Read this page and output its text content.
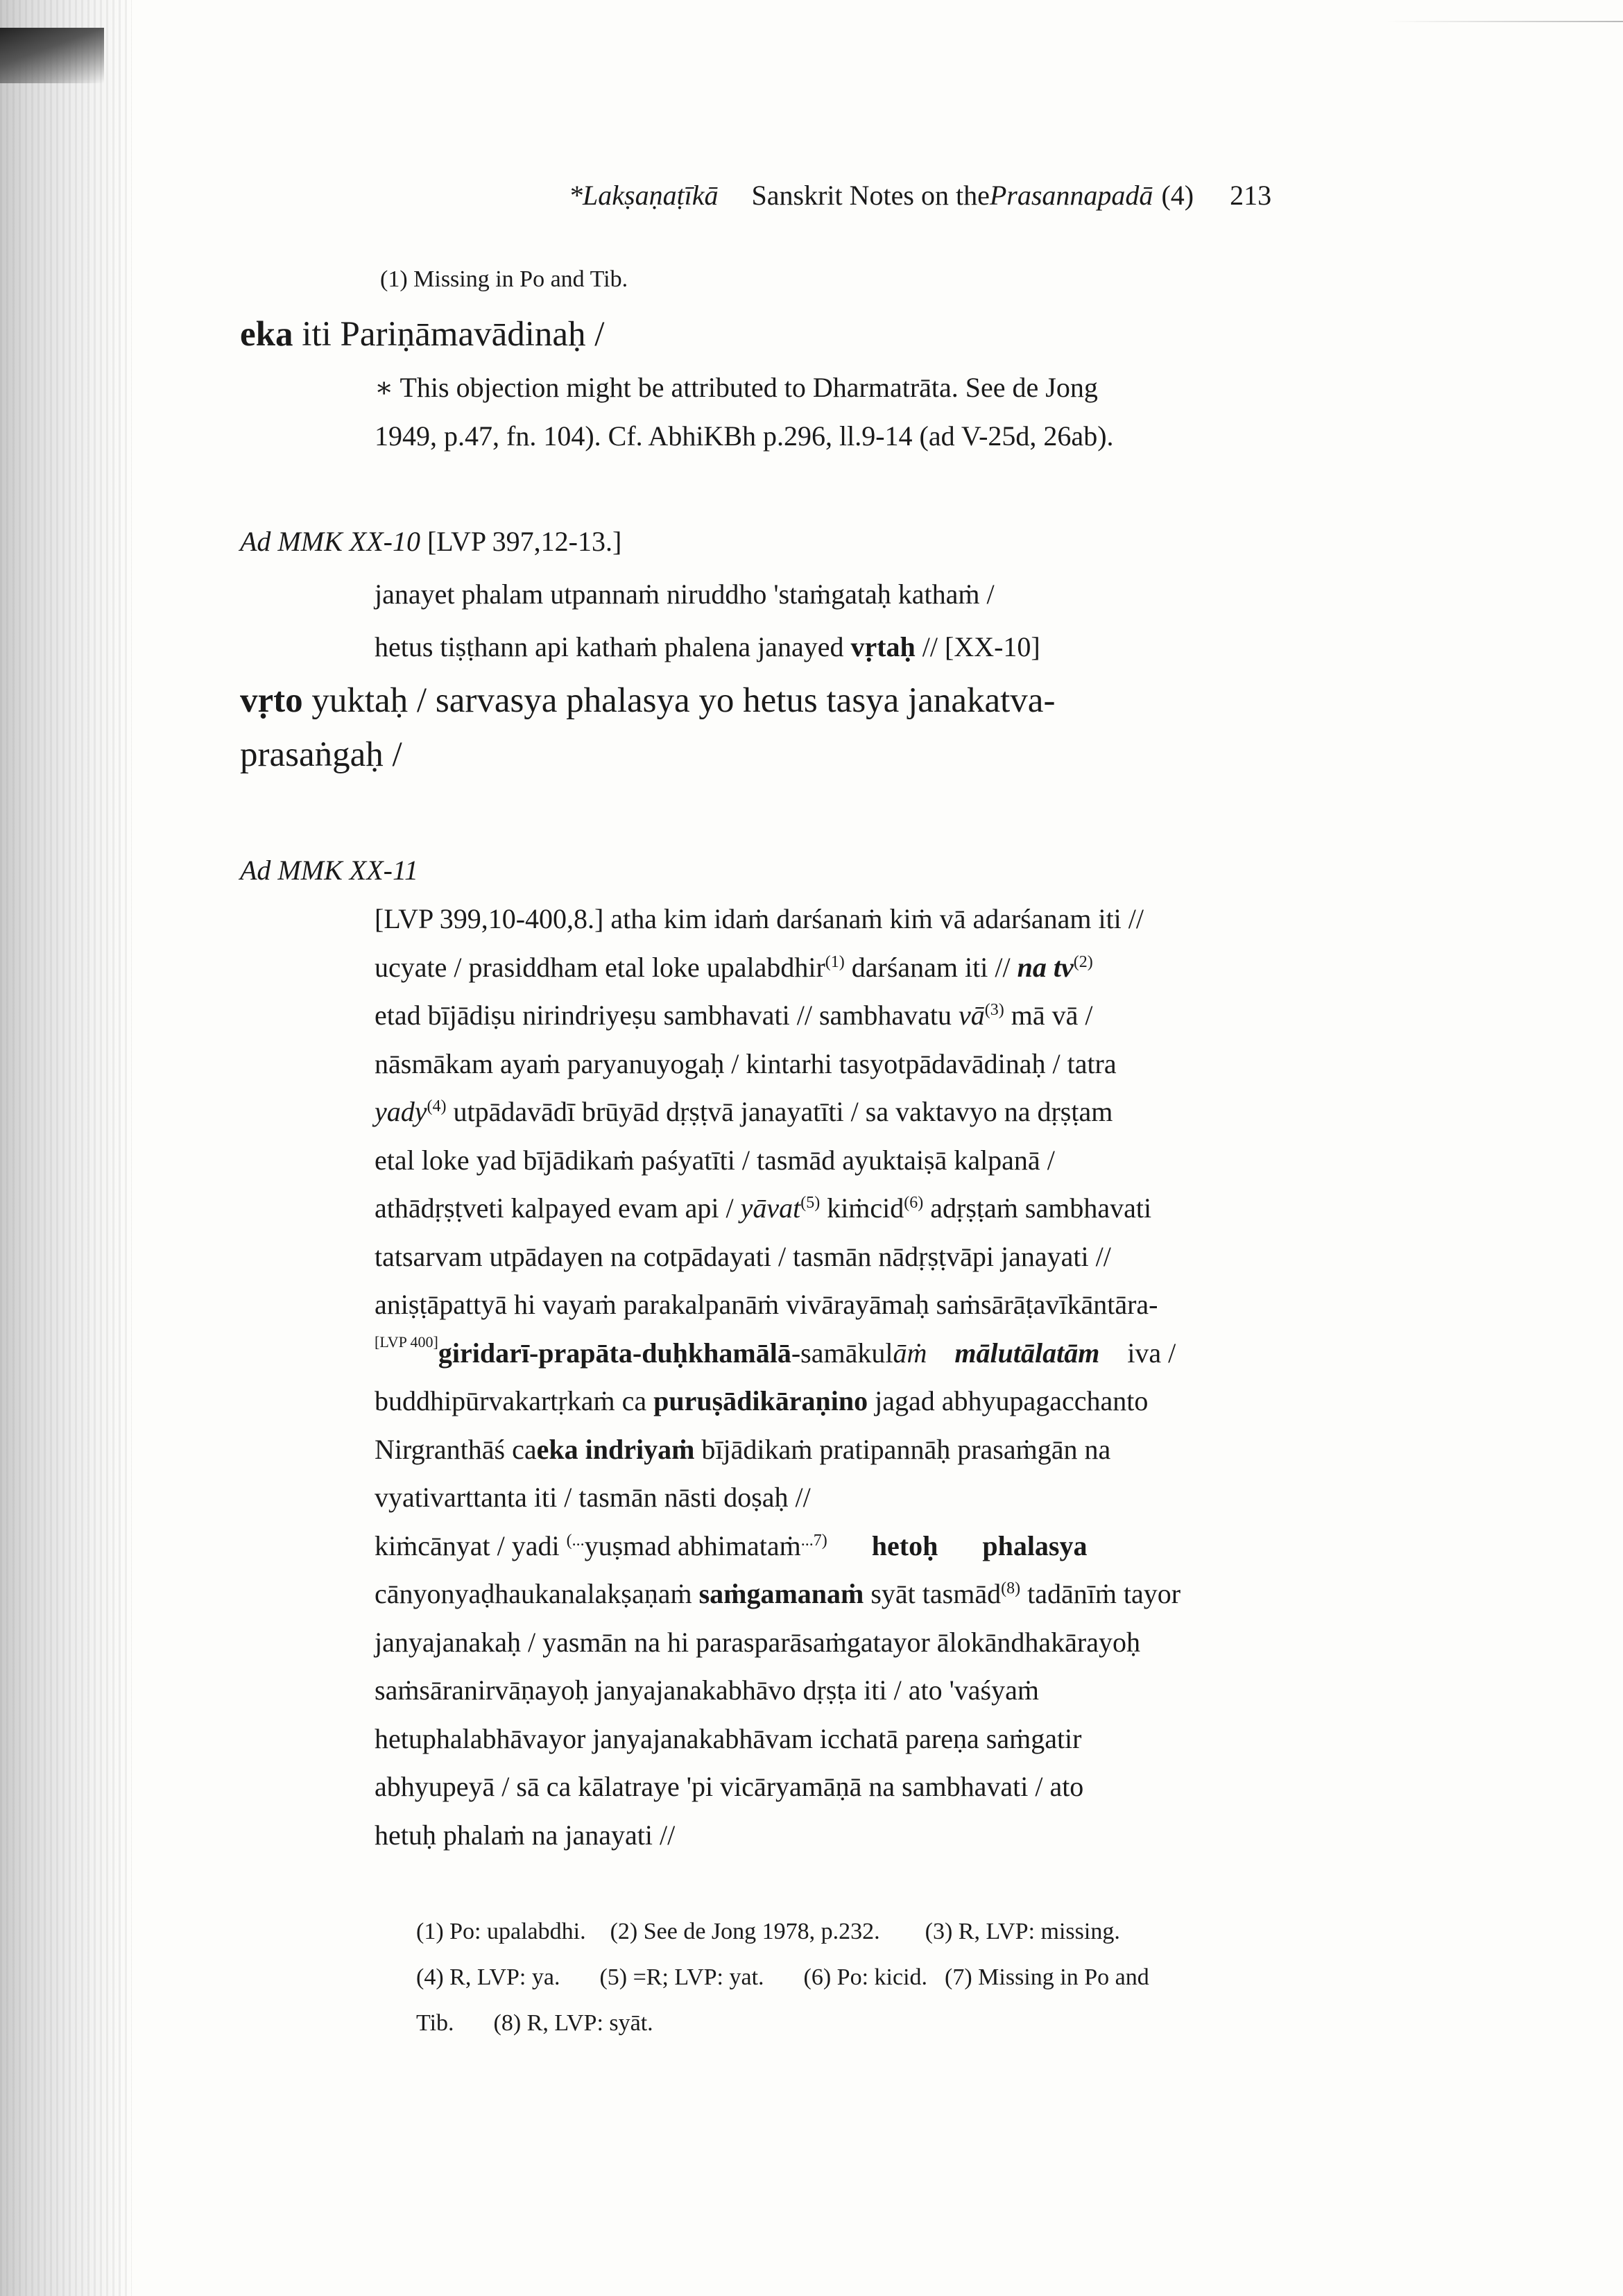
*Lakṣaṇaṭīkā Sanskrit Notes on the Prasannapadā (4) 213
(1) Missing in Po and Tib.
eka iti Pariṇāmavādinaḥ /
∗ This objection might be attributed to Dharmatrāta. See de Jong
1949, p.47, fn. 104). Cf. AbhiKBh p.296, ll.9-14 (ad V-25d, 26ab).
Ad MMK XX-10 [LVP 397,12-13.]
janayet phalam utpannaṁ niruddho 'staṁgataḥ kathaṁ /
hetus tiṣṭhann api kathaṁ phalena janayed vṛtaḥ // [XX-10]
vṛto yuktaḥ / sarvasya phalasya yo hetus tasya janakatva-
prasaṅgaḥ /
Ad MMK XX-11
[LVP 399,10-400,8.] atha kim idaṁ darśanaṁ kiṁ vā adarśanam iti //
ucyate / prasiddham etal loke upalabdhir$^{(1)}$ darśanam iti // na $tv^{(2)}$
etad bījādiṣu nirindriyeṣu sambhavati // sambhavatu $vā^{(3)}$ mā vā /
nāsmākam ayaṁ paryanuyogaḥ / kintarhi tasyotpādavādinaḥ / tatra
yady$^{(4)}$ utpādavādī brūyād dṛṣṭvā janayatīti / sa vaktavyo na dṛṣṭam
etal loke yad bījādikaṁ paśyatīti / tasmād ayuktaiṣā kalpanā /
athādṛṣṭveti kalpayed evam api / yāvat$^{(5)}$ kiṁcid$^{(6)}$ adṛṣṭaṁ sambhavati
tatsarvam utpādayen na cotpādayati / tasmān nādṛṣṭvāpi janayati //
aniṣṭāpattyā hi vayaṁ parakalpanāṁ vivārayāmaḥ saṁsārāṭavīkāntāra-
[LVP 400]giridarī-prapāta-duḥkhamālā-samākulāṁ mālutālatām iva /
buddhipūrvakartṛkaṁ ca puruṣādikāraṇino jagad abhyupagacchanto
Nirgranthāś caeka indriyaṁ bījādikaṁ pratipannāḥ prasaṁgān na
vyativarttanta iti / tasmān nāsti doṣaḥ //
kiṁcānyat / yadi (...yuṣmad abhimataṁ$^{...7)}$ hetoḥ phalasya
cānyonyaḍhaukanalakṣaṇaṁ saṁgamanaṁ syāt tasmād$^{(8)}$ tadānīṁ tayor
janyajanakaḥ / yasmān na hi parasparāsaṁgatayor ālokāndhakārayoḥ
saṁsāranirvāṇayoḥ janyajanakabhāvo dṛṣṭa iti / ato 'vaśyaṁ
hetuphalabhāvayor janyajanakabhāvam icchatā pareṇa saṁgatir
abhyupeyā / sā ca kālatraye 'pi vicāryamāṇā na sambhavati / ato
hetuḥ phalaṁ na janayati //
(1) Po: upalabdhi. (2) See de Jong 1978, p.232. (3) R, LVP: missing.
(4) R, LVP: ya. (5) =R; LVP: yat. (6) Po: kicid. (7) Missing in Po and
Tib. (8) R, LVP: syāt.
